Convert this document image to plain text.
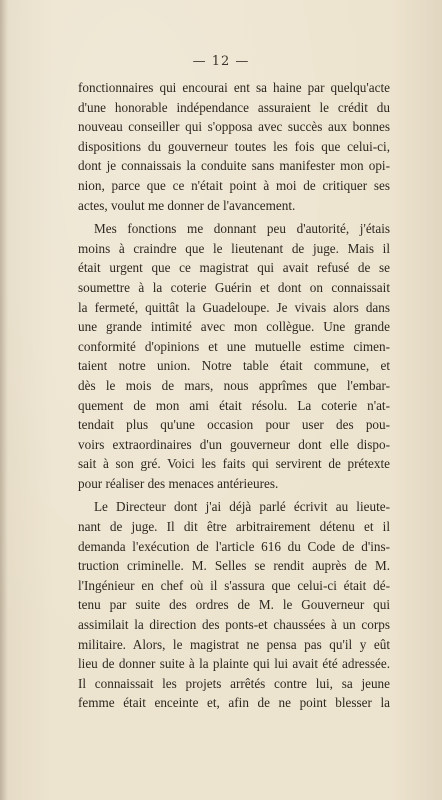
— 12 —
fonctionnaires qui encourai ent sa haine par quelqu'acte
d'une honorable indépendance assuraient le crédit du
nouveau conseiller qui s'opposa avec succès aux bonnes
dispositions du gouverneur toutes les fois que celui-ci,
dont je connaissais la conduite sans manifester mon opi-
nion, parce que ce n'était point à moi de critiquer ses
actes, voulut me donner de l'avancement.
Mes fonctions me donnant peu d'autorité, j'étais
moins à craindre que le lieutenant de juge. Mais il
était urgent que ce magistrat qui avait refusé de se
soumettre à la coterie Guérin et dont on connaissait
la fermeté, quittât la Guadeloupe. Je vivais alors dans
une grande intimité avec mon collègue. Une grande
conformité d'opinions et une mutuelle estime cimen-
taient notre union. Notre table était commune, et
dès le mois de mars, nous apprîmes que l'embar-
quement de mon ami était résolu. La coterie n'at-
tendait plus qu'une occasion pour user des pou-
voirs extraordinaires d'un gouverneur dont elle dispo-
sait à son gré. Voici les faits qui servirent de prétexte
pour réaliser des menaces antérieures.
Le Directeur dont j'ai déjà parlé écrivit au lieute-
nant de juge. Il dit être arbitrairement détenu et il
demanda l'exécution de l'article 616 du Code de d'ins-
truction criminelle. M. Selles se rendit auprès de M.
l'Ingénieur en chef où il s'assura que celui-ci était dé-
tenu par suite des ordres de M. le Gouverneur qui
assimilait la direction des ponts-et chaussées à un corps
militaire. Alors, le magistrat ne pensa pas qu'il y eût
lieu de donner suite à la plainte qui lui avait été adressée.
Il connaissait les projets arrêtés contre lui, sa jeune
femme était enceinte et, afin de ne point blesser la
